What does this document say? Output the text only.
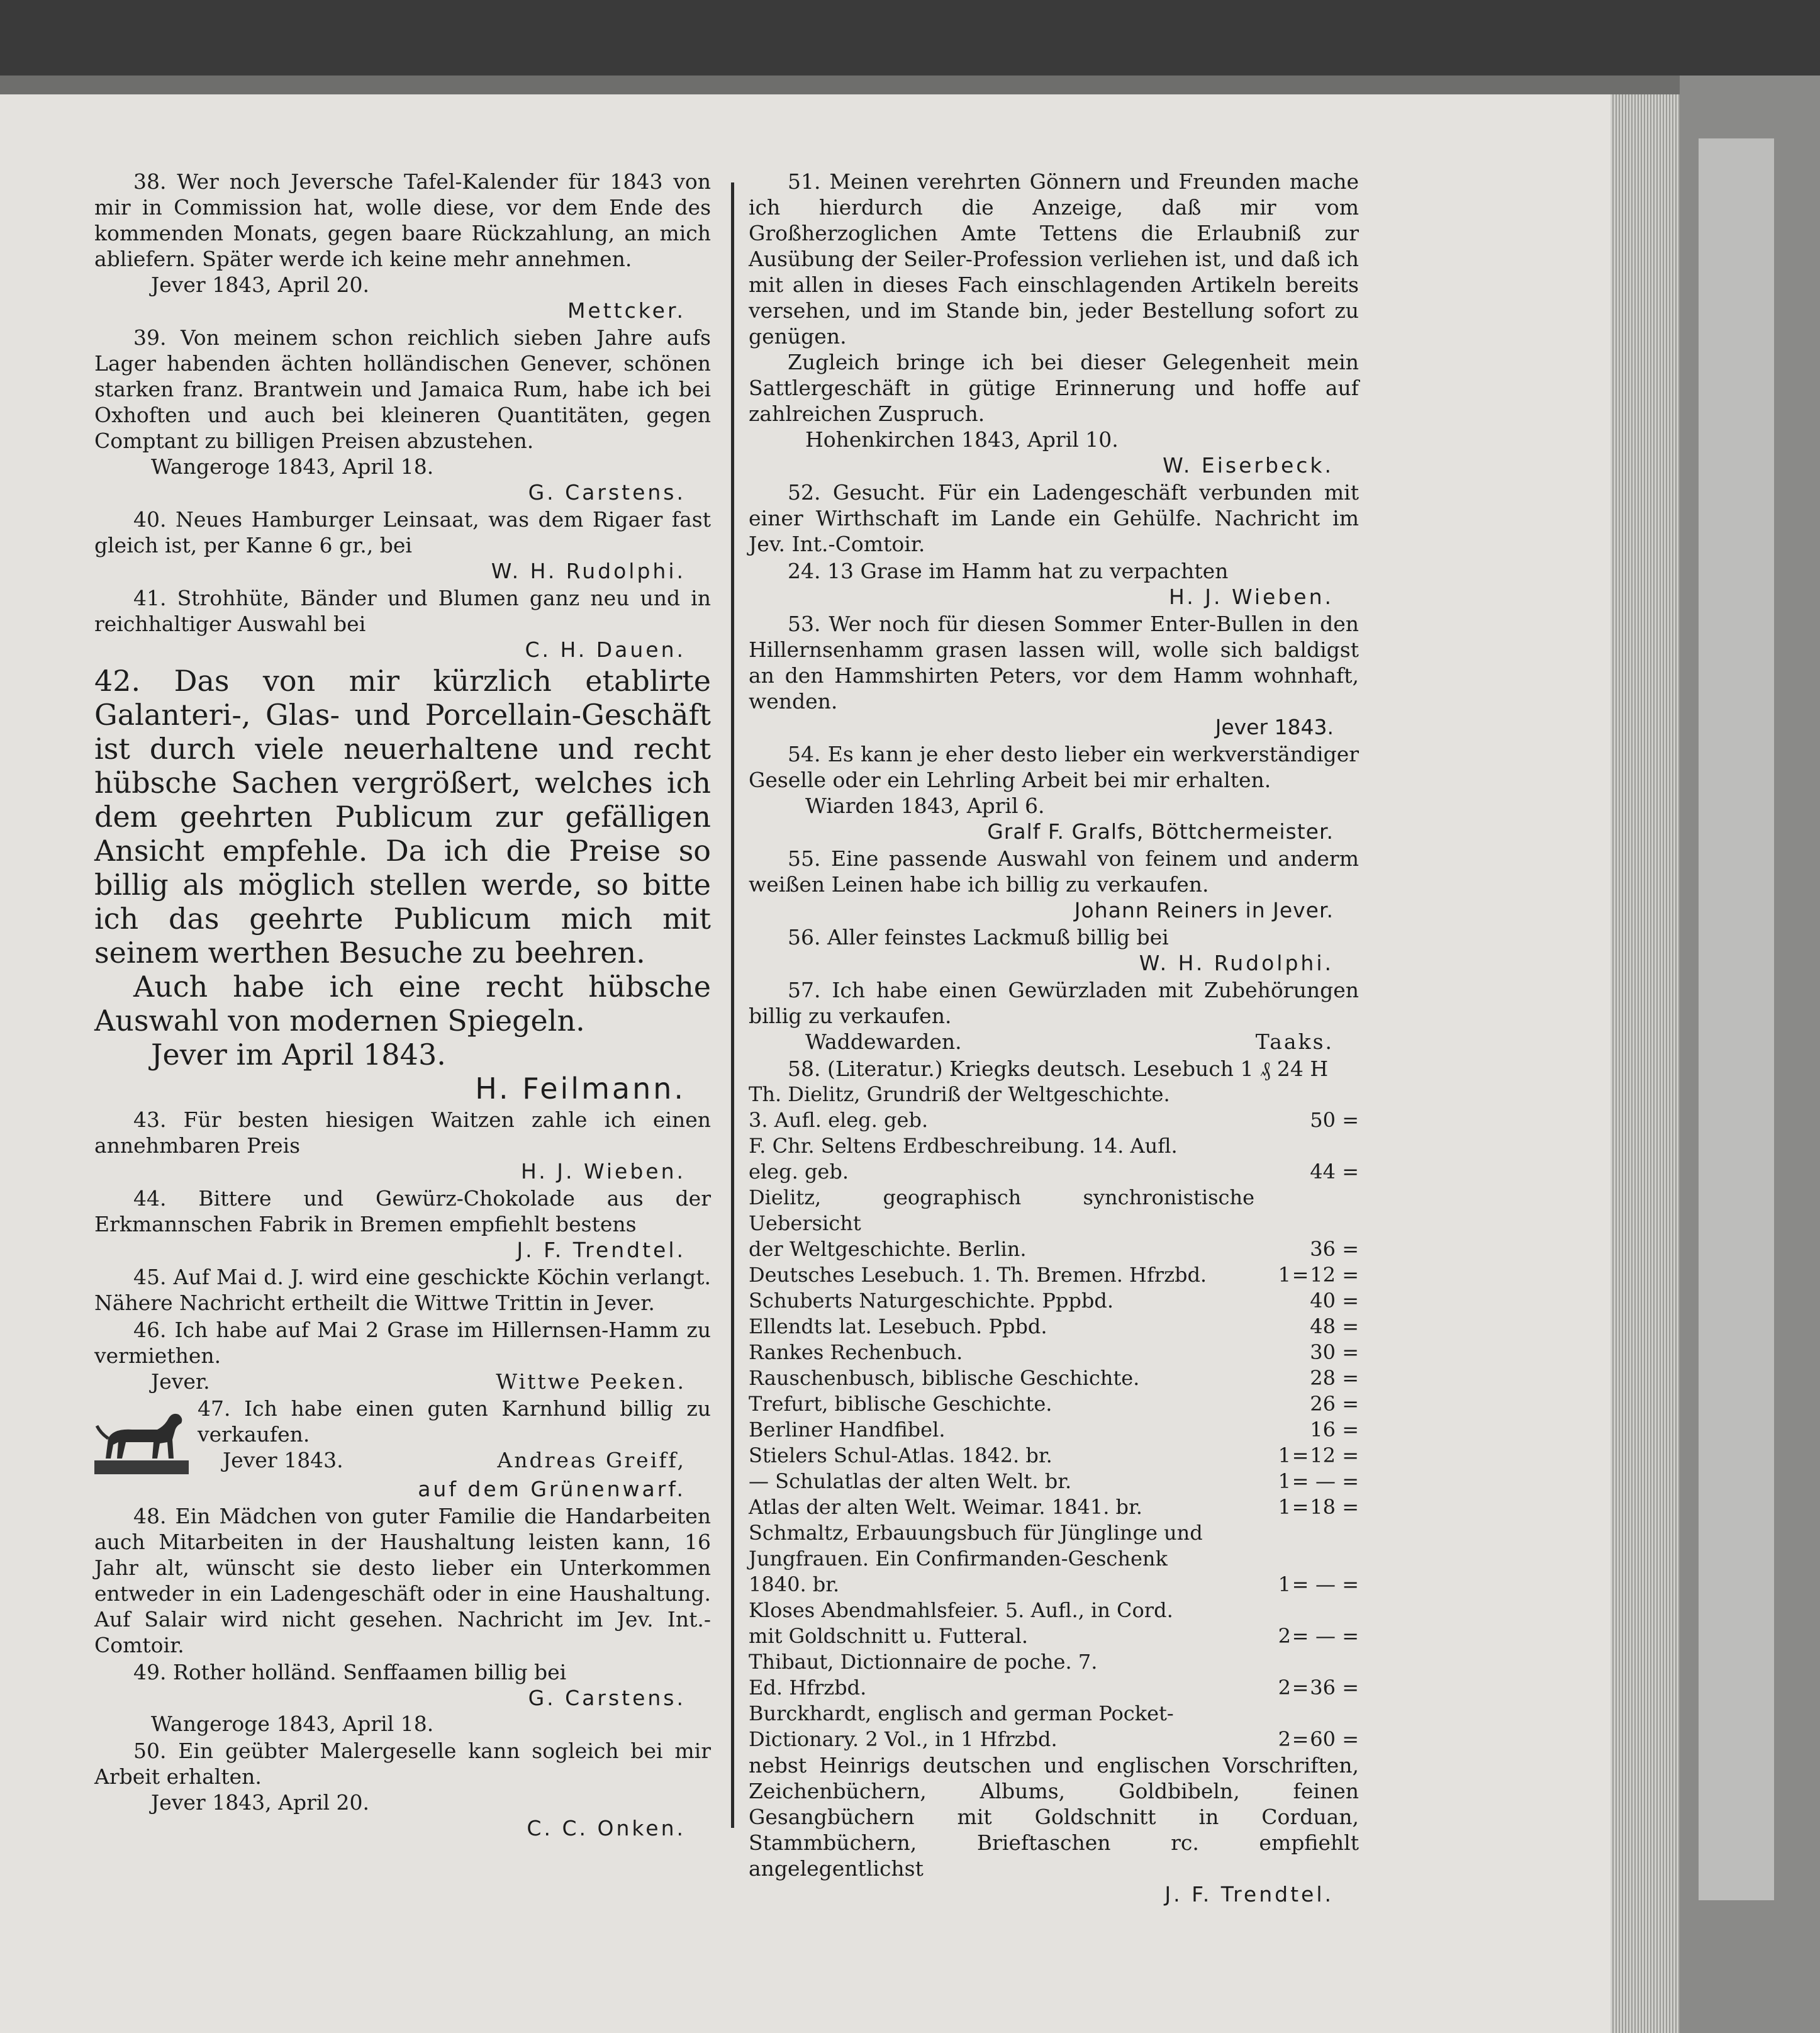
38. Wer noch Jeversche Tafel-Kalender für 1843 von mir in Commission hat, wolle diese, vor dem Ende des kommenden Monats, gegen baare Rückzahlung, an mich abliefern. Später werde ich keine mehr annehmen.
Jever 1843, April 20.
Mettcker.
39. Von meinem schon reichlich sieben Jahre aufs Lager habenden ächten holländischen Genever, schönen starken franz. Brantwein und Jamaica Rum, habe ich bei Oxhoften und auch bei kleineren Quantitäten, gegen Comptant zu billigen Preisen abzustehen.
Wangeroge 1843, April 18.
G. Carstens.
40. Neues Hamburger Leinsaat, was dem Rigaer fast gleich ist, per Kanne 6 gr., bei
W. H. Rudolphi.
41. Strohhüte, Bänder und Blumen ganz neu und in reichhaltiger Auswahl bei
C. H. Dauen.
42. Das von mir kürzlich etablirte Galanteri-, Glas- und Porcellain-Geschäft ist durch viele neuerhaltene und recht hübsche Sachen vergrößert, welches ich dem geehrten Publicum zur gefälligen Ansicht empfehle. Da ich die Preise so billig als möglich stellen werde, so bitte ich das geehrte Publicum mich mit seinem werthen Besuche zu beehren.
Auch habe ich eine recht hübsche Auswahl von modernen Spiegeln.
Jever im April 1843.
H. Feilmann.
43. Für besten hiesigen Waitzen zahle ich einen annehmbaren Preis
H. J. Wieben.
44. Bittere und Gewürz-Chokolade aus der Erkmannschen Fabrik in Bremen empfiehlt bestens
J. F. Trendtel.
45. Auf Mai d. J. wird eine geschickte Köchin verlangt. Nähere Nachricht ertheilt die Wittwe Trittin in Jever.
46. Ich habe auf Mai 2 Grase im Hillernsen-Hamm zu vermiethen.
Jever.	Wittwe Peeken.
47. Ich habe einen guten Karnhund billig zu verkaufen.
Jever 1843.	Andreas Greiff,
auf dem Grünenwarf.
48. Ein Mädchen von guter Familie die Handarbeiten auch Mitarbeiten in der Haushaltung leisten kann, 16 Jahr alt, wünscht sie desto lieber ein Unterkommen entweder in ein Ladengeschäft oder in eine Haushaltung. Auf Salair wird nicht gesehen. Nachricht im Jev. Int.-Comtoir.
49. Rother holländ. Senffaamen billig bei
G. Carstens.
Wangeroge 1843, April 18.
50. Ein geübter Malergeselle kann sogleich bei mir Arbeit erhalten.
Jever 1843, April 20.
C. C. Onken.
51. Meinen verehrten Gönnern und Freunden mache ich hierdurch die Anzeige, daß mir vom Großherzoglichen Amte Tettens die Erlaubniß zur Ausübung der Seiler-Profession verliehen ist, und daß ich mit allen in dieses Fach einschlagenden Artikeln bereits versehen, und im Stande bin, jeder Bestellung sofort zu genügen.
Zugleich bringe ich bei dieser Gelegenheit mein Sattlergeschäft in gütige Erinnerung und hoffe auf zahlreichen Zuspruch.
Hohenkirchen 1843, April 10.
W. Eiserbeck.
52. Gesucht. Für ein Ladengeschäft verbunden mit einer Wirthschaft im Lande ein Gehülfe. Nachricht im Jev. Int.-Comtoir.
24. 13 Grase im Hamm hat zu verpachten
H. J. Wieben.
53. Wer noch für diesen Sommer Enter-Bullen in den Hillernsenhamm grasen lassen will, wolle sich baldigst an den Hammshirten Peters, vor dem Hamm wohnhaft, wenden.
Jever 1843.
54. Es kann je eher desto lieber ein werkverständiger Geselle oder ein Lehrling Arbeit bei mir erhalten.
Wiarden 1843, April 6.
Gralf F. Gralfs, Böttchermeister.
55. Eine passende Auswahl von feinem und anderm weißen Leinen habe ich billig zu verkaufen.
Johann Reiners in Jever.
56. Aller feinstes Lackmuß billig bei
W. H. Rudolphi.
57. Ich habe einen Gewürzladen mit Zubehörungen billig zu verkaufen.
Waddewarden.	Taaks.
58. (Literatur.) Kriegks deutsch. Lesebuch 1 ₰ 24 H
Th. Dielitz, Grundriß der Weltgeschichte.
3. Aufl. eleg. geb.	50 =
F. Chr. Seltens Erdbeschreibung. 14. Aufl.
eleg. geb.	44 =
Dielitz, geographisch synchronistische Uebersicht
der Weltgeschichte. Berlin.	36 =
Deutsches Lesebuch. 1. Th. Bremen. Hfrzbd.	1 = 12 =
Schuberts Naturgeschichte. Pppbd.	40 =
Ellendts lat. Lesebuch. Ppbd.	48 =
Rankes Rechenbuch.	30 =
Rauschenbusch, biblische Geschichte.	28 =
Trefurt, biblische Geschichte.	26 =
Berliner Handfibel.	16 =
Stielers Schul-Atlas. 1842. br.	1 = 12 =
— Schulatlas der alten Welt. br.	1 = — =
Atlas der alten Welt. Weimar. 1841. br.	1 = 18 =
Schmaltz, Erbauungsbuch für Jünglinge und
Jungfrauen. Ein Confirmanden-Geschenk
1840. br.	1 = — =
Kloses Abendmahlsfeier. 5. Aufl., in Cord.
mit Goldschnitt u. Futteral.	2 = — =
Thibaut, Dictionnaire de poche. 7.
Ed. Hfrzbd.	2 = 36 =
Burckhardt, englisch and german Pocket-
Dictionary. 2 Vol., in 1 Hfrzbd.	2 = 60 =
nebst Heinrigs deutschen und englischen Vorschriften, Zeichenbüchern, Albums, Goldbibeln, feinen Gesangbüchern mit Goldschnitt in Corduan, Stammbüchern, Brieftaschen rc. empfiehlt angelegentlichst
J. F. Trendtel.
